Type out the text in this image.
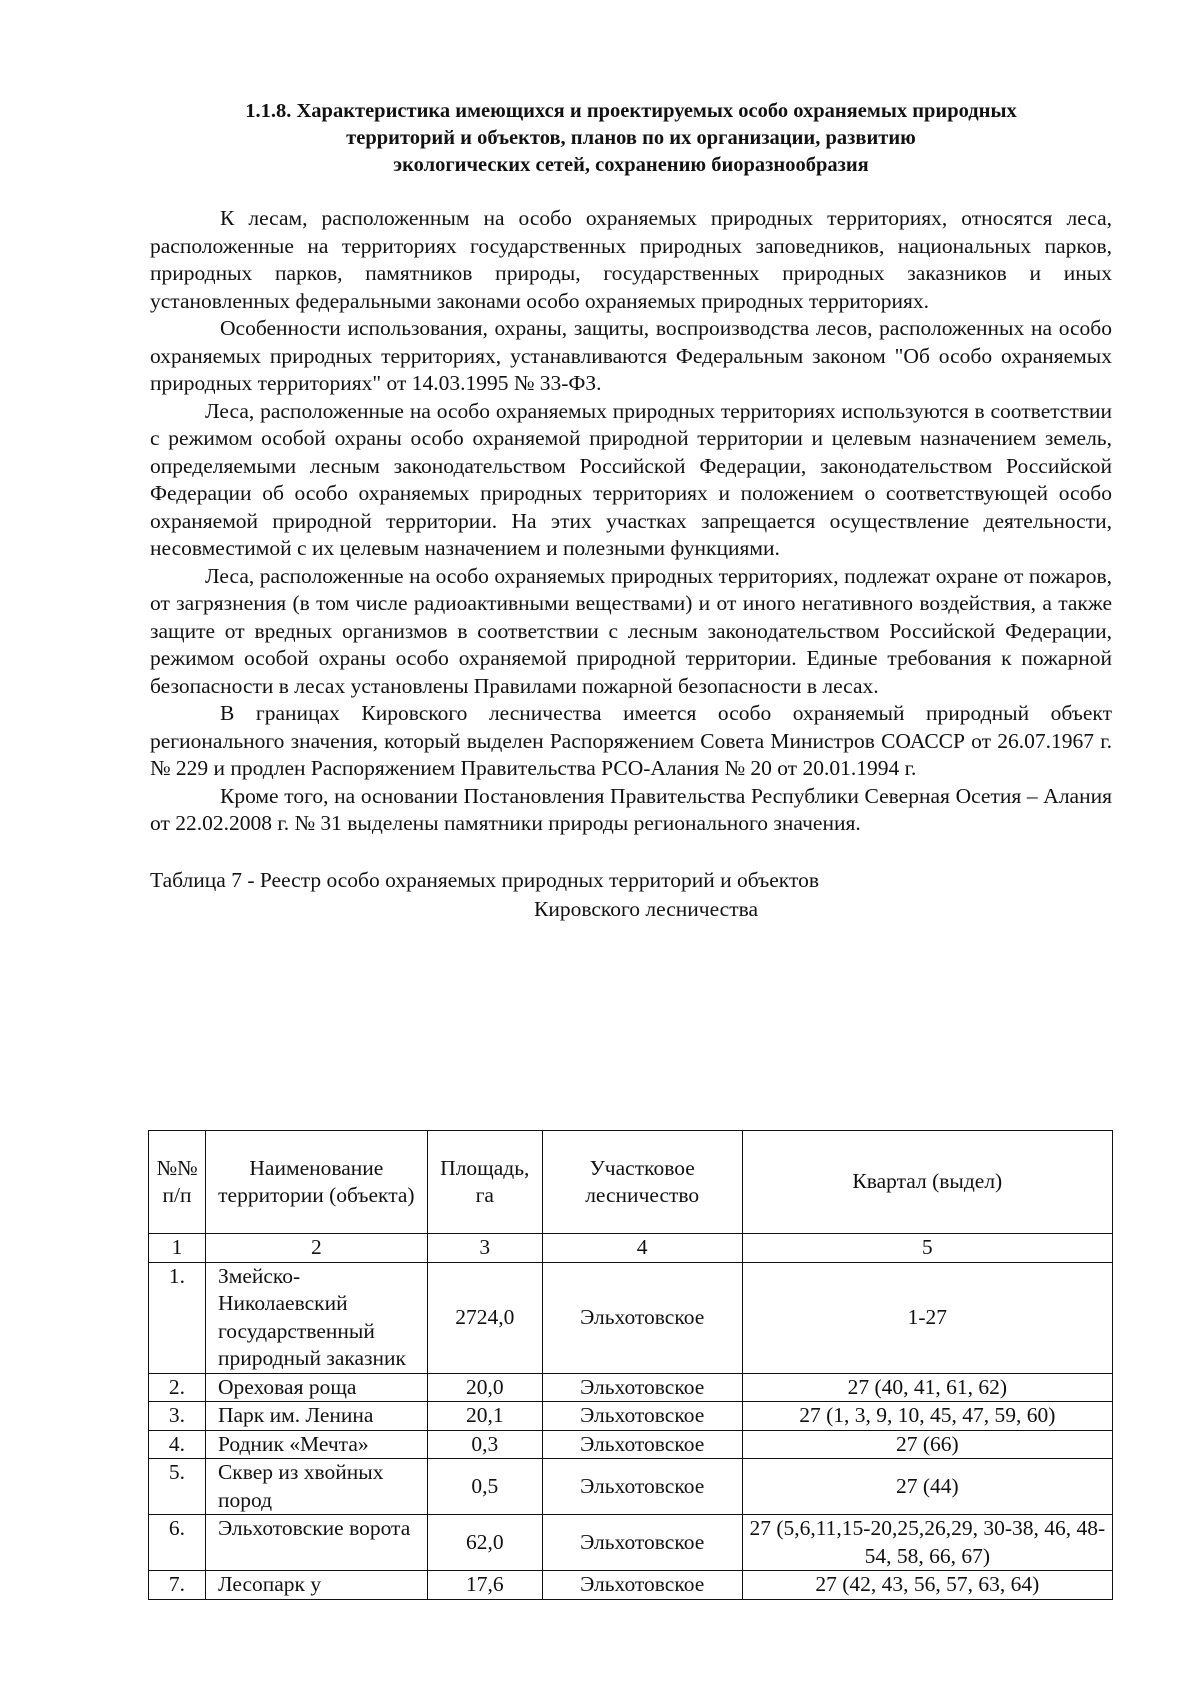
1.1.8. Характеристика имеющихся и проектируемых особо охраняемых природных
территорий и объектов, планов по их организации, развитию
экологических сетей, сохранению биоразнообразия

К лесам, расположенным на особо охраняемых природных территориях, относятся леса, расположенные на территориях государственных природных заповедников, национальных парков, природных парков, памятников природы, государственных природных заказников и иных установленных федеральными законами особо охраняемых природных территориях.

Особенности использования, охраны, защиты, воспроизводства лесов, расположенных на особо охраняемых природных территориях, устанавливаются Федеральным законом "Об особо охраняемых природных территориях" от 14.03.1995 № 33-ФЗ.

Леса, расположенные на особо охраняемых природных территориях используются в соответствии с режимом особой охраны особо охраняемой природной территории и целевым назначением земель, определяемыми лесным законодательством Российской Федерации, законодательством Российской Федерации об особо охраняемых природных территориях и положением о соответствующей особо охраняемой природной территории. На этих участках запрещается осуществление деятельности, несовместимой с их целевым назначением и полезными функциями.

Леса, расположенные на особо охраняемых природных территориях, подлежат охране от пожаров, от загрязнения (в том числе радиоактивными веществами) и от иного негативного воздействия, а также защите от вредных организмов в соответствии с лесным законодательством Российской Федерации, режимом особой охраны особо охраняемой природной территории. Единые требования к пожарной безопасности в лесах установлены Правилами пожарной безопасности в лесах.

В границах Кировского лесничества имеется особо охраняемый природный объект регионального значения, который выделен Распоряжением Совета Министров СОАССР от 26.07.1967 г. № 229 и продлен Распоряжением Правительства РСО-Алания № 20 от 20.01.1994 г.

Кроме того, на основании Постановления Правительства Республики Северная Осетия – Алания от 22.02.2008 г. № 31 выделены памятники природы регионального значения.

Таблица 7 - Реестр особо охраняемых природных территорий и объектов
Кировского лесничества
№№ п/п	Наименование территории (объекта)	Площадь, га	Участковое лесничество	Квартал (выдел)
1	2	3	4	5
1.	Змейско-Николаевский государственный природный заказник	2724,0	Эльхотовское	1-27
2.	Ореховая роща	20,0	Эльхотовское	27 (40, 41, 61, 62)
3.	Парк им. Ленина	20,1	Эльхотовское	27 (1, 3, 9, 10, 45, 47, 59, 60)
4.	Родник «Мечта»	0,3	Эльхотовское	27 (66)
5.	Сквер из хвойных пород	0,5	Эльхотовское	27 (44)
6.	Эльхотовские ворота	62,0	Эльхотовское	27 (5,6,11,15-20,25,26,29, 30-38, 46, 48-54, 58, 66, 67)
7.	Лесопарк у	17,6	Эльхотовское	27 (42, 43, 56, 57, 63, 64)
